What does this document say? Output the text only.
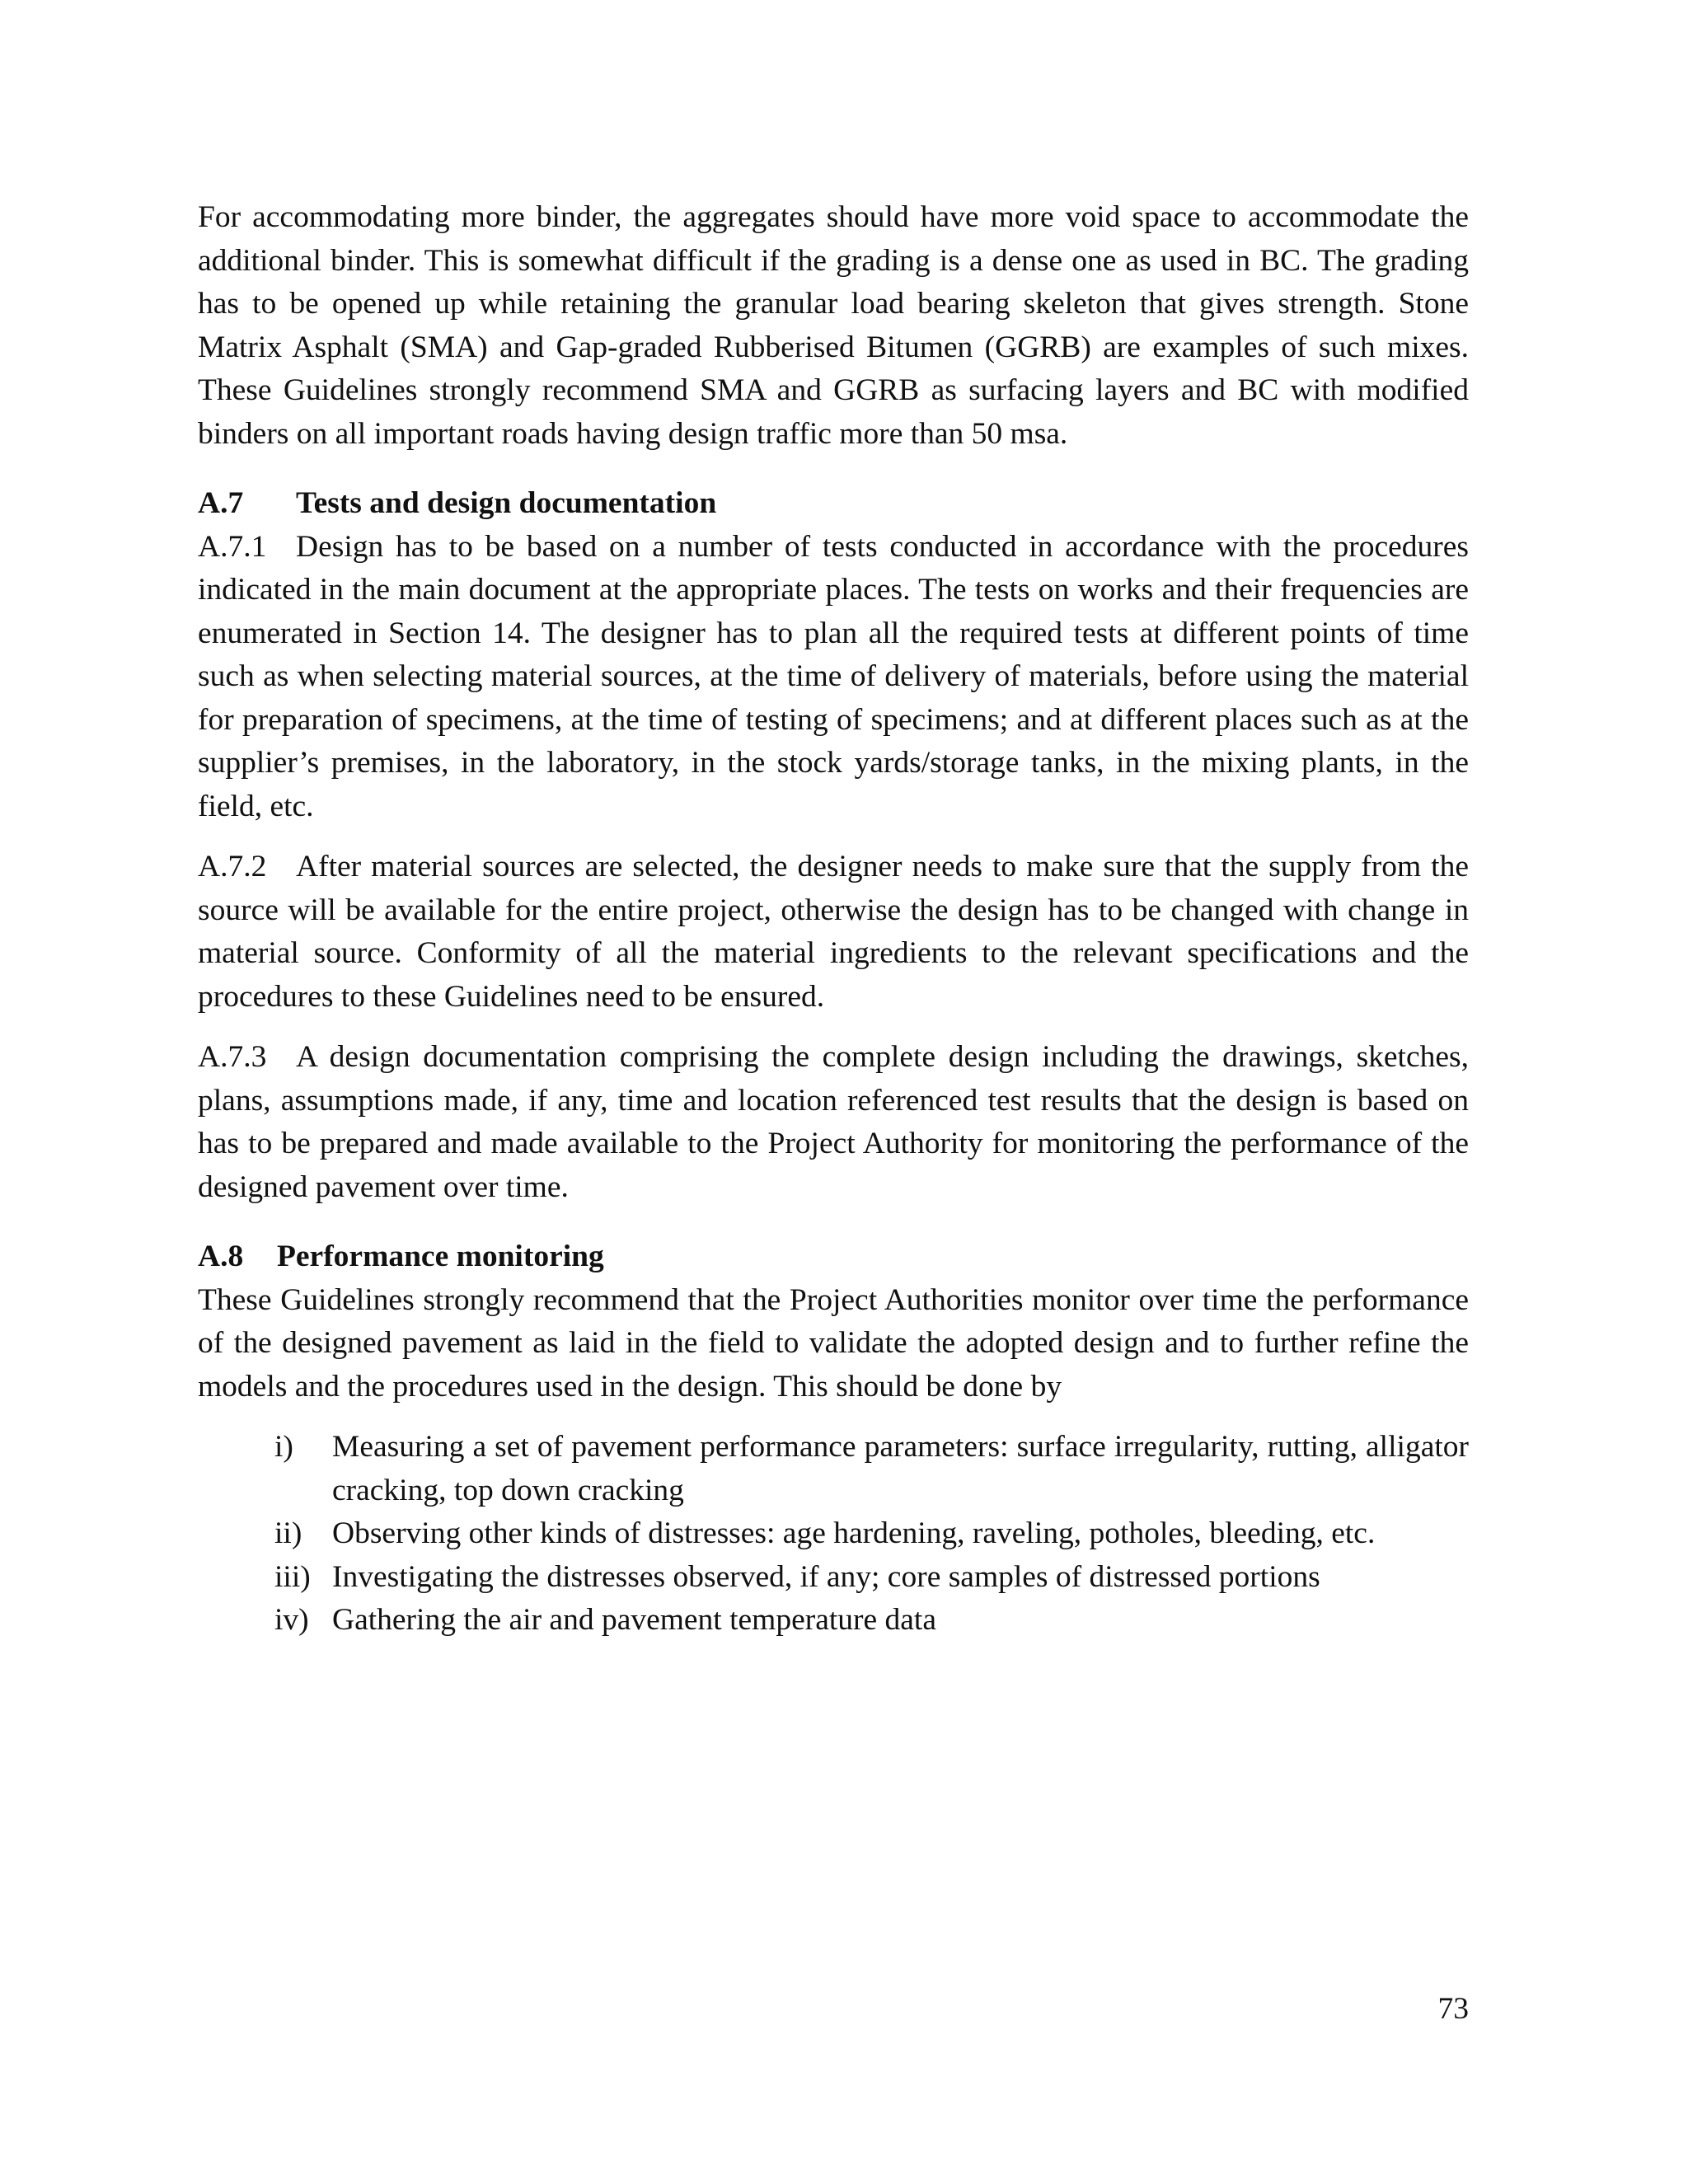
For accommodating more binder, the aggregates should have more void space to accommodate the additional binder. This is somewhat difficult if the grading is a dense one as used in BC. The grading has to be opened up while retaining the granular load bearing skeleton that gives strength. Stone Matrix Asphalt (SMA) and Gap-graded Rubberised Bitumen (GGRB) are examples of such mixes. These Guidelines strongly recommend SMA and GGRB as surfacing layers and BC with modified binders on all important roads having design traffic more than 50 msa.

A.7	Tests and design documentation

A.7.1 Design has to be based on a number of tests conducted in accordance with the procedures indicated in the main document at the appropriate places. The tests on works and their frequencies are enumerated in Section 14. The designer has to plan all the required tests at different points of time such as when selecting material sources, at the time of delivery of materials, before using the material for preparation of specimens, at the time of testing of specimens; and at different places such as at the supplier’s premises, in the laboratory, in the stock yards/storage tanks, in the mixing plants, in the field, etc.

A.7.2 After material sources are selected, the designer needs to make sure that the supply from the source will be available for the entire project, otherwise the design has to be changed with change in material source. Conformity of all the material ingredients to the relevant specifications and the procedures to these Guidelines need to be ensured.

A.7.3 A design documentation comprising the complete design including the drawings, sketches, plans, assumptions made, if any, time and location referenced test results that the design is based on has to be prepared and made available to the Project Authority for monitoring the performance of the designed pavement over time.

A.8	Performance monitoring

These Guidelines strongly recommend that the Project Authorities monitor over time the performance of the designed pavement as laid in the field to validate the adopted design and to further refine the models and the procedures used in the design. This should be done by

i)	Measuring a set of pavement performance parameters: surface irregularity, rutting, alligator cracking, top down cracking
ii) Observing other kinds of distresses: age hardening, raveling, potholes, bleeding, etc.
iii) Investigating the distresses observed, if any; core samples of distressed portions
iv) Gathering the air and pavement temperature data
73
